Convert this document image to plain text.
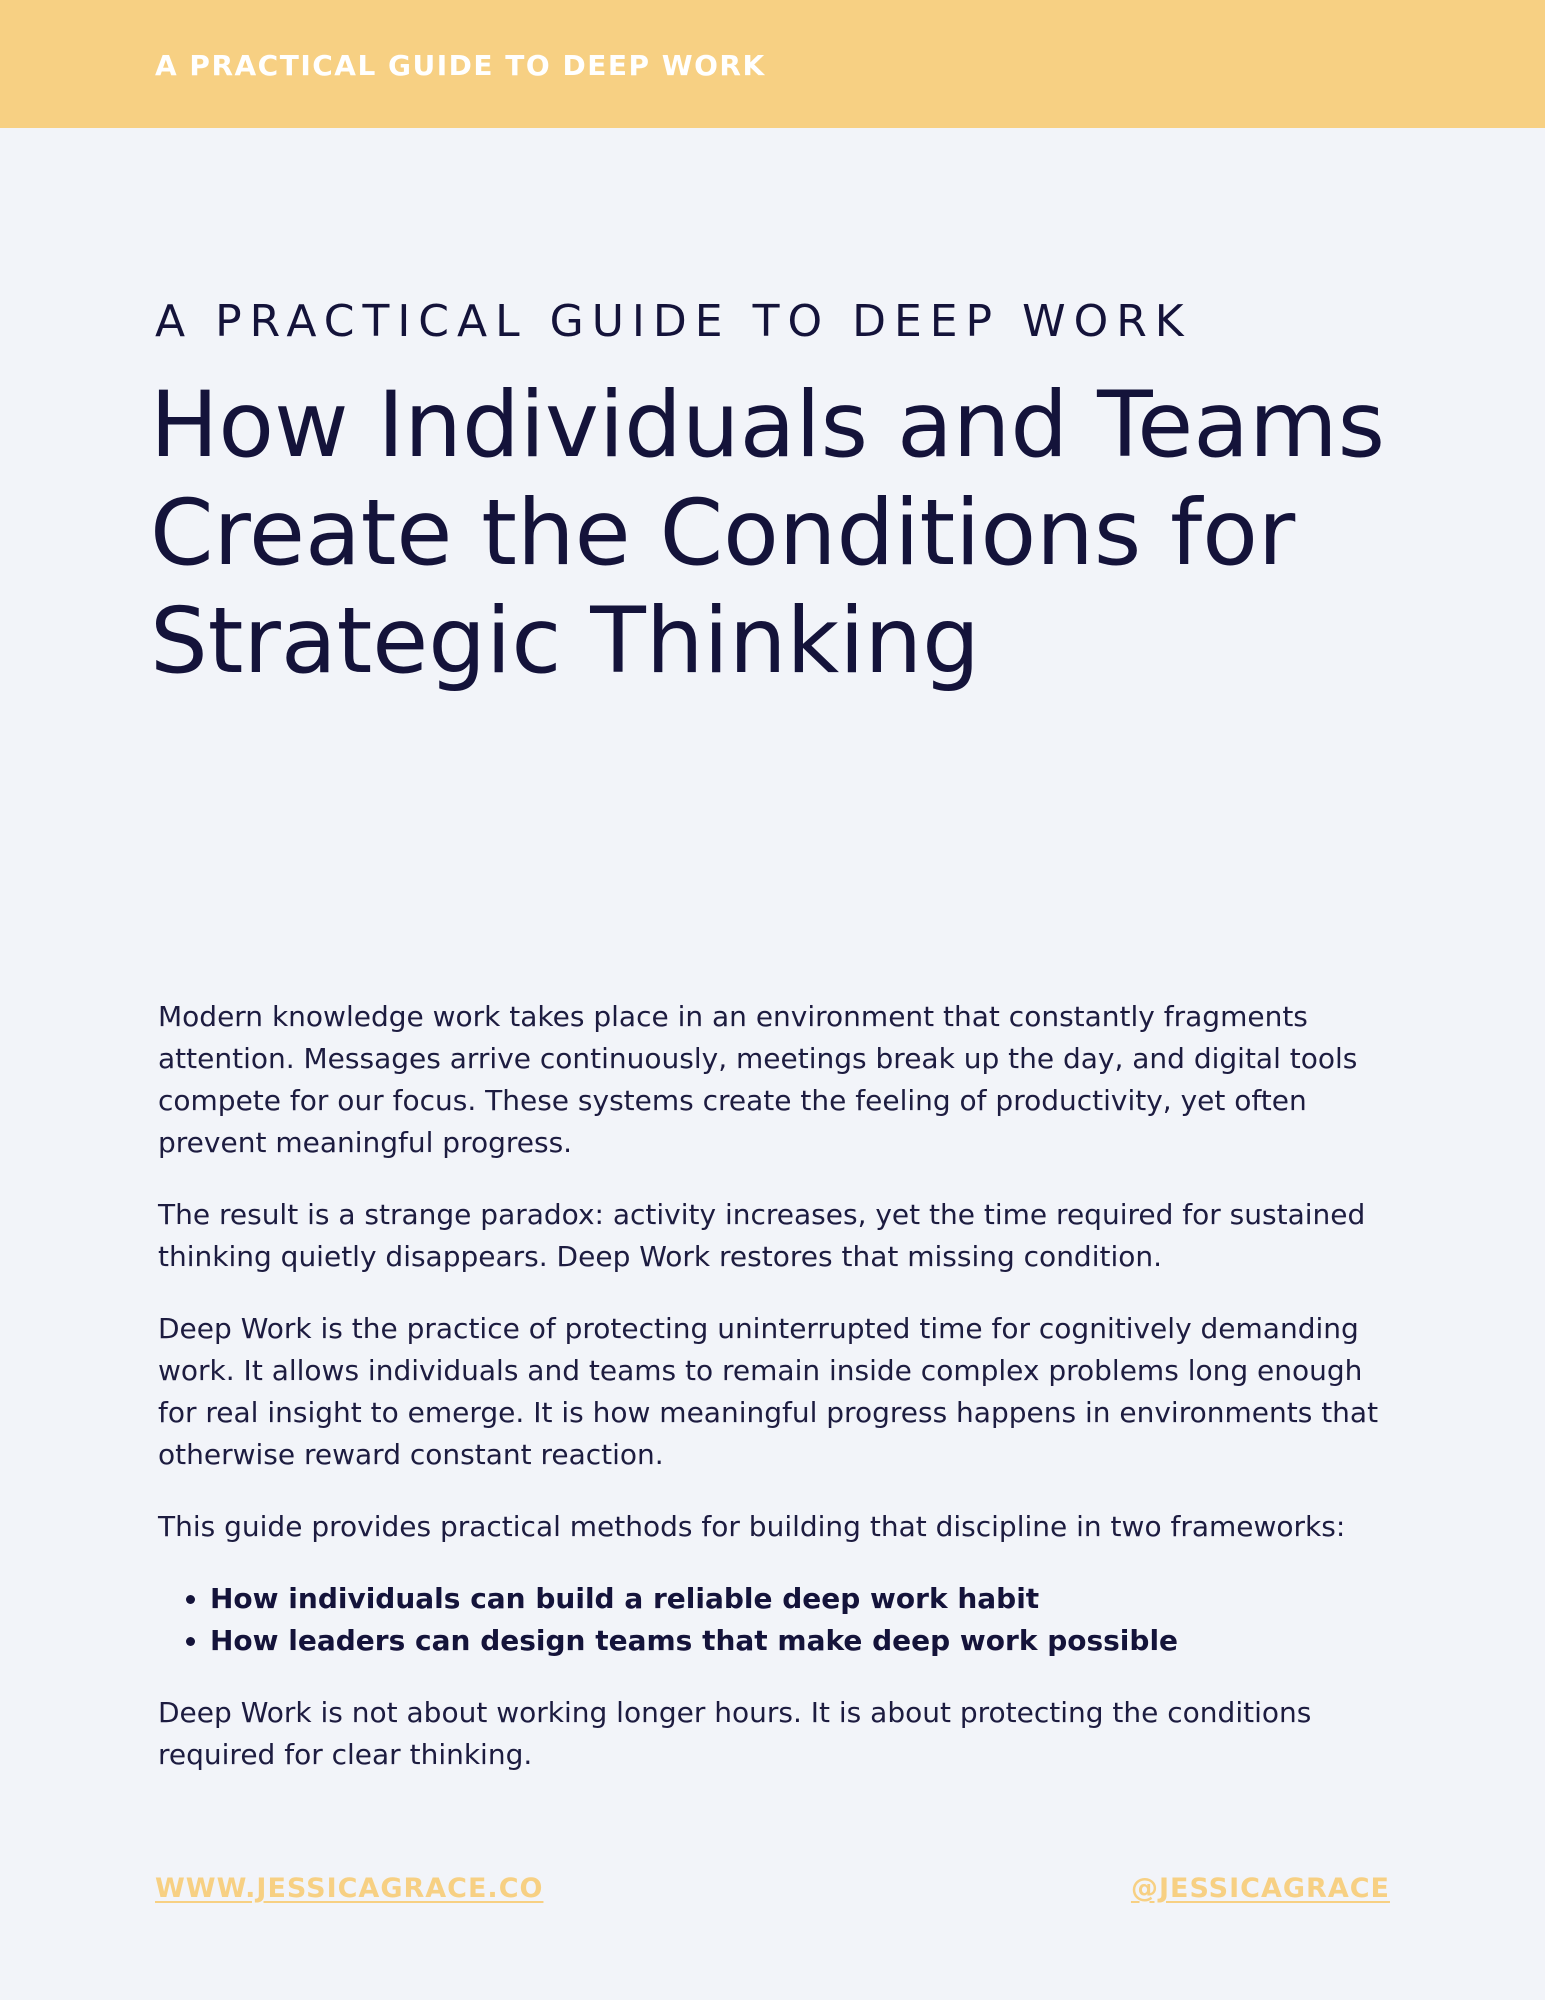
A PRACTICAL GUIDE TO DEEP WORK
A PRACTICAL GUIDE TO DEEP WORK
How Individuals and Teams
Create the Conditions for
Strategic Thinking

Modern knowledge work takes place in an environment that constantly fragments attention. Messages arrive continuously, meetings break up the day, and digital tools compete for our focus. These systems create the feeling of productivity, yet often prevent meaningful progress.

The result is a strange paradox: activity increases, yet the time required for sustained thinking quietly disappears. Deep Work restores that missing condition.

Deep Work is the practice of protecting uninterrupted time for cognitively demanding work. It allows individuals and teams to remain inside complex problems long enough for real insight to emerge. It is how meaningful progress happens in environments that otherwise reward constant reaction.

This guide provides practical methods for building that discipline in two frameworks:

• How individuals can build a reliable deep work habit
• How leaders can design teams that make deep work possible

Deep Work is not about working longer hours. It is about protecting the conditions required for clear thinking.

WWW.JESSICAGRACE.CO	@JESSICAGRACE
